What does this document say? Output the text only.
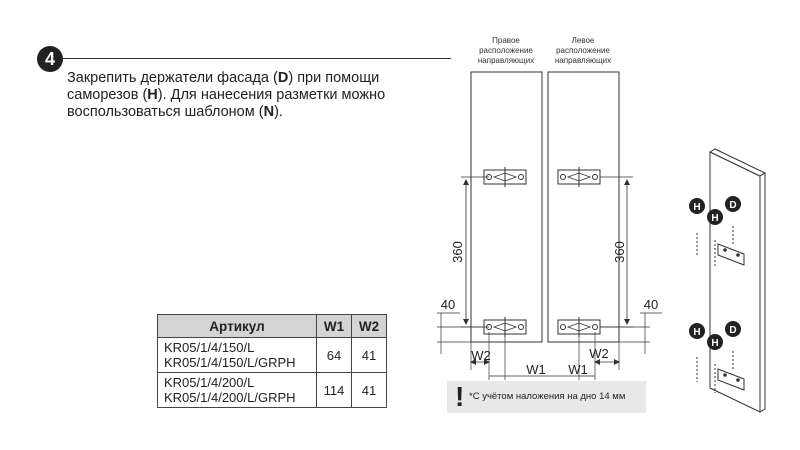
4
Закрепить держатели фасада (D) при помощи саморезов (H). Для нанесения разметки можно воспользоваться шаблоном (N).
Правое
расположение
направляющих
Левое
расположение
направляющих
360	360
40	40
W2
W1
W2
W1
H
H
D
H
H
D
Артикул	W1	W2

KR05/1/4/150/L
KR05/1/4/150/L/GRPH	64	41

KR05/1/4/200/L
KR05/1/4/200/L/GRPH	114	41	! *С учётом наложения на дно 14 мм
